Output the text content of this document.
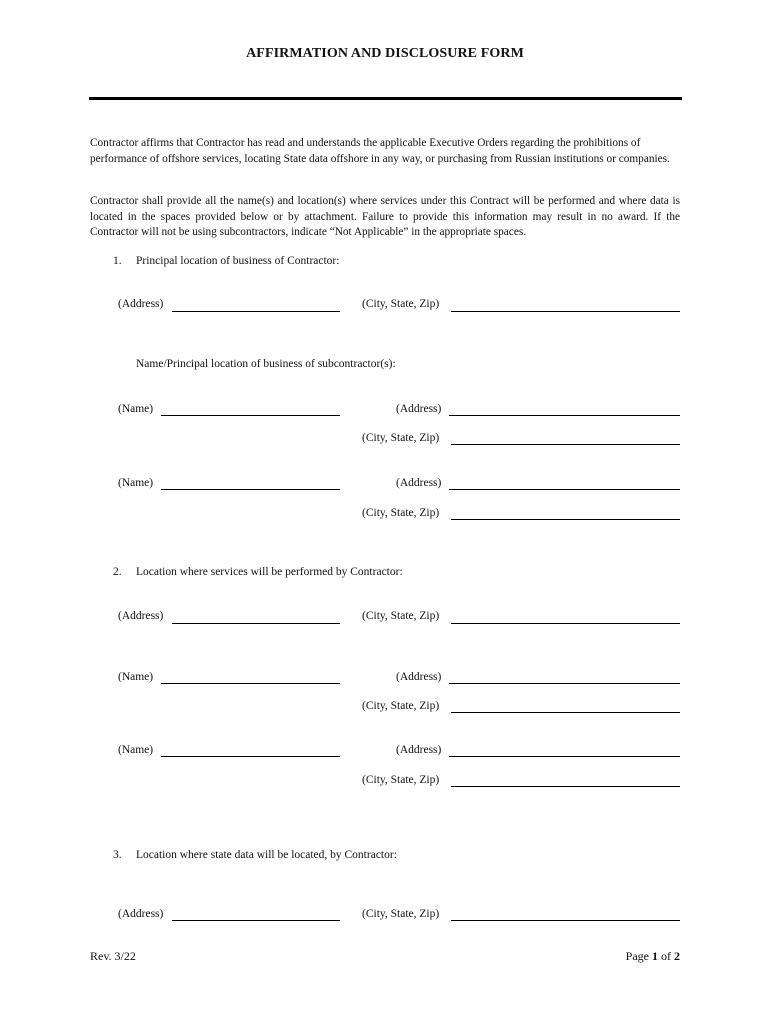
AFFIRMATION AND DISCLOSURE FORM
Contractor affirms that Contractor has read and understands the applicable Executive Orders regarding the prohibitions of performance of offshore services, locating State data offshore in any way, or purchasing from Russian institutions or companies.
Contractor shall provide all the name(s) and location(s) where services under this Contract will be performed and where data is located in the spaces provided below or by attachment. Failure to provide this information may result in no award. If the Contractor will not be using subcontractors, indicate “Not Applicable” in the appropriate spaces.
1. Principal location of business of Contractor:
(Address)	(City, State, Zip)
Name/Principal location of business of subcontractor(s):
(Name)	(Address)
(City, State, Zip)
(Name)	(Address)
(City, State, Zip)
2. Location where services will be performed by Contractor:
(Address)	(City, State, Zip)
(Name)	(Address)
(City, State, Zip)
(Name)	(Address)
(City, State, Zip)
3. Location where state data will be located, by Contractor:
(Address)	(City, State, Zip)
Rev. 3/22	Page 1 of 2
